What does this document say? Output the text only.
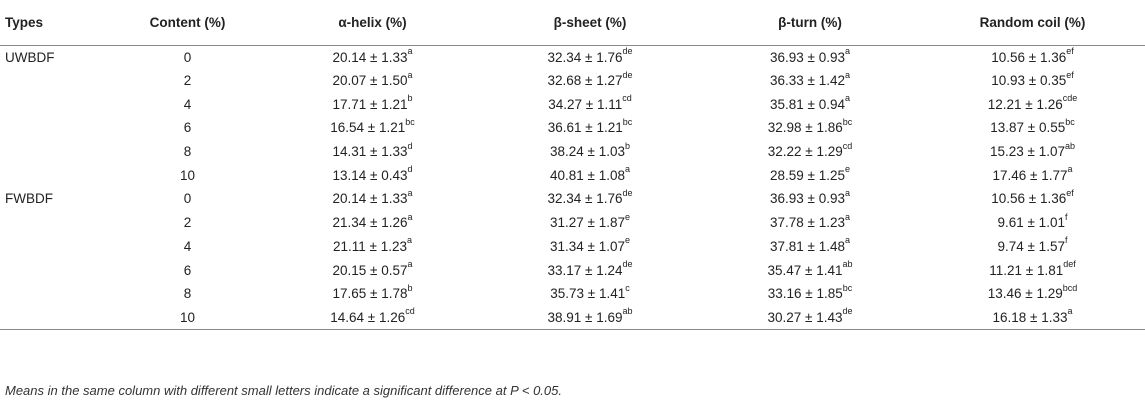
Types	Content (%)	α-helix (%)	β-sheet (%)	β-turn (%)	Random coil (%)
UWBDF	0	20.14 ± 1.33$^a$	32.34 ± 1.76de	36.93 ± 0.93$^a$	10.56 ± 1.36$^{ef}$
	2	20.07 ± 1.50$^a$	32.68 ± 1.27de	36.33 ± 1.42$^a$	10.93 ± 0.35$^{ef}$
	4	17.71 ± 1.21$^b$	34.27 ± 1.11$^{cd}$	35.81 ± 0.94$^a$	12.21 ± 1.26$^{cde}$
	6	16.54 ± 1.21$^{bc}$	36.61 ± 1.21$^{bc}$	32.98 ± 1.86$^{bc}$	13.87 ± 0.55$^{bc}$
	8	14.31 ± 1.33$^d$	38.24 ± 1.03$^b$	32.22 ± 1.29$^{cd}$	15.23 ± 1.07$^{ab}$
	10	13.14 ± 0.43$^d$	40.81 ± 1.08$^a$	28.59 ± 1.25$^e$	17.46 ± 1.77$^a$
FWBDF	0	20.14 ± 1.33$^a$	32.34 ± 1.76de	36.93 ± 0.93$^a$	10.56 ± 1.36$^{ef}$
	2	21.34 ± 1.26$^a$	31.27 ± 1.87$^e$	37.78 ± 1.23$^a$	9.61 ± 1.01$^f$
	4	21.11 ± 1.23$^a$	31.34 ± 1.07$^e$	37.81 ± 1.48$^a$	9.74 ± 1.57$^f$
	6	20.15 ± 0.57$^a$	33.17 ± 1.24de	35.47 ± 1.41$^{ab}$	11.21 ± 1.81$^{def}$
	8	17.65 ± 1.78$^b$	35.73 ± 1.41$^c$	33.16 ± 1.85$^{bc}$	13.46 ± 1.29$^{bcd}$
	10	14.64 ± 1.26$^{cd}$	38.91 ± 1.69$^{ab}$	30.27 ± 1.43de	16.18 ± 1.33$^a$
Means in the same column with different small letters indicate a significant difference at P < 0.05.
